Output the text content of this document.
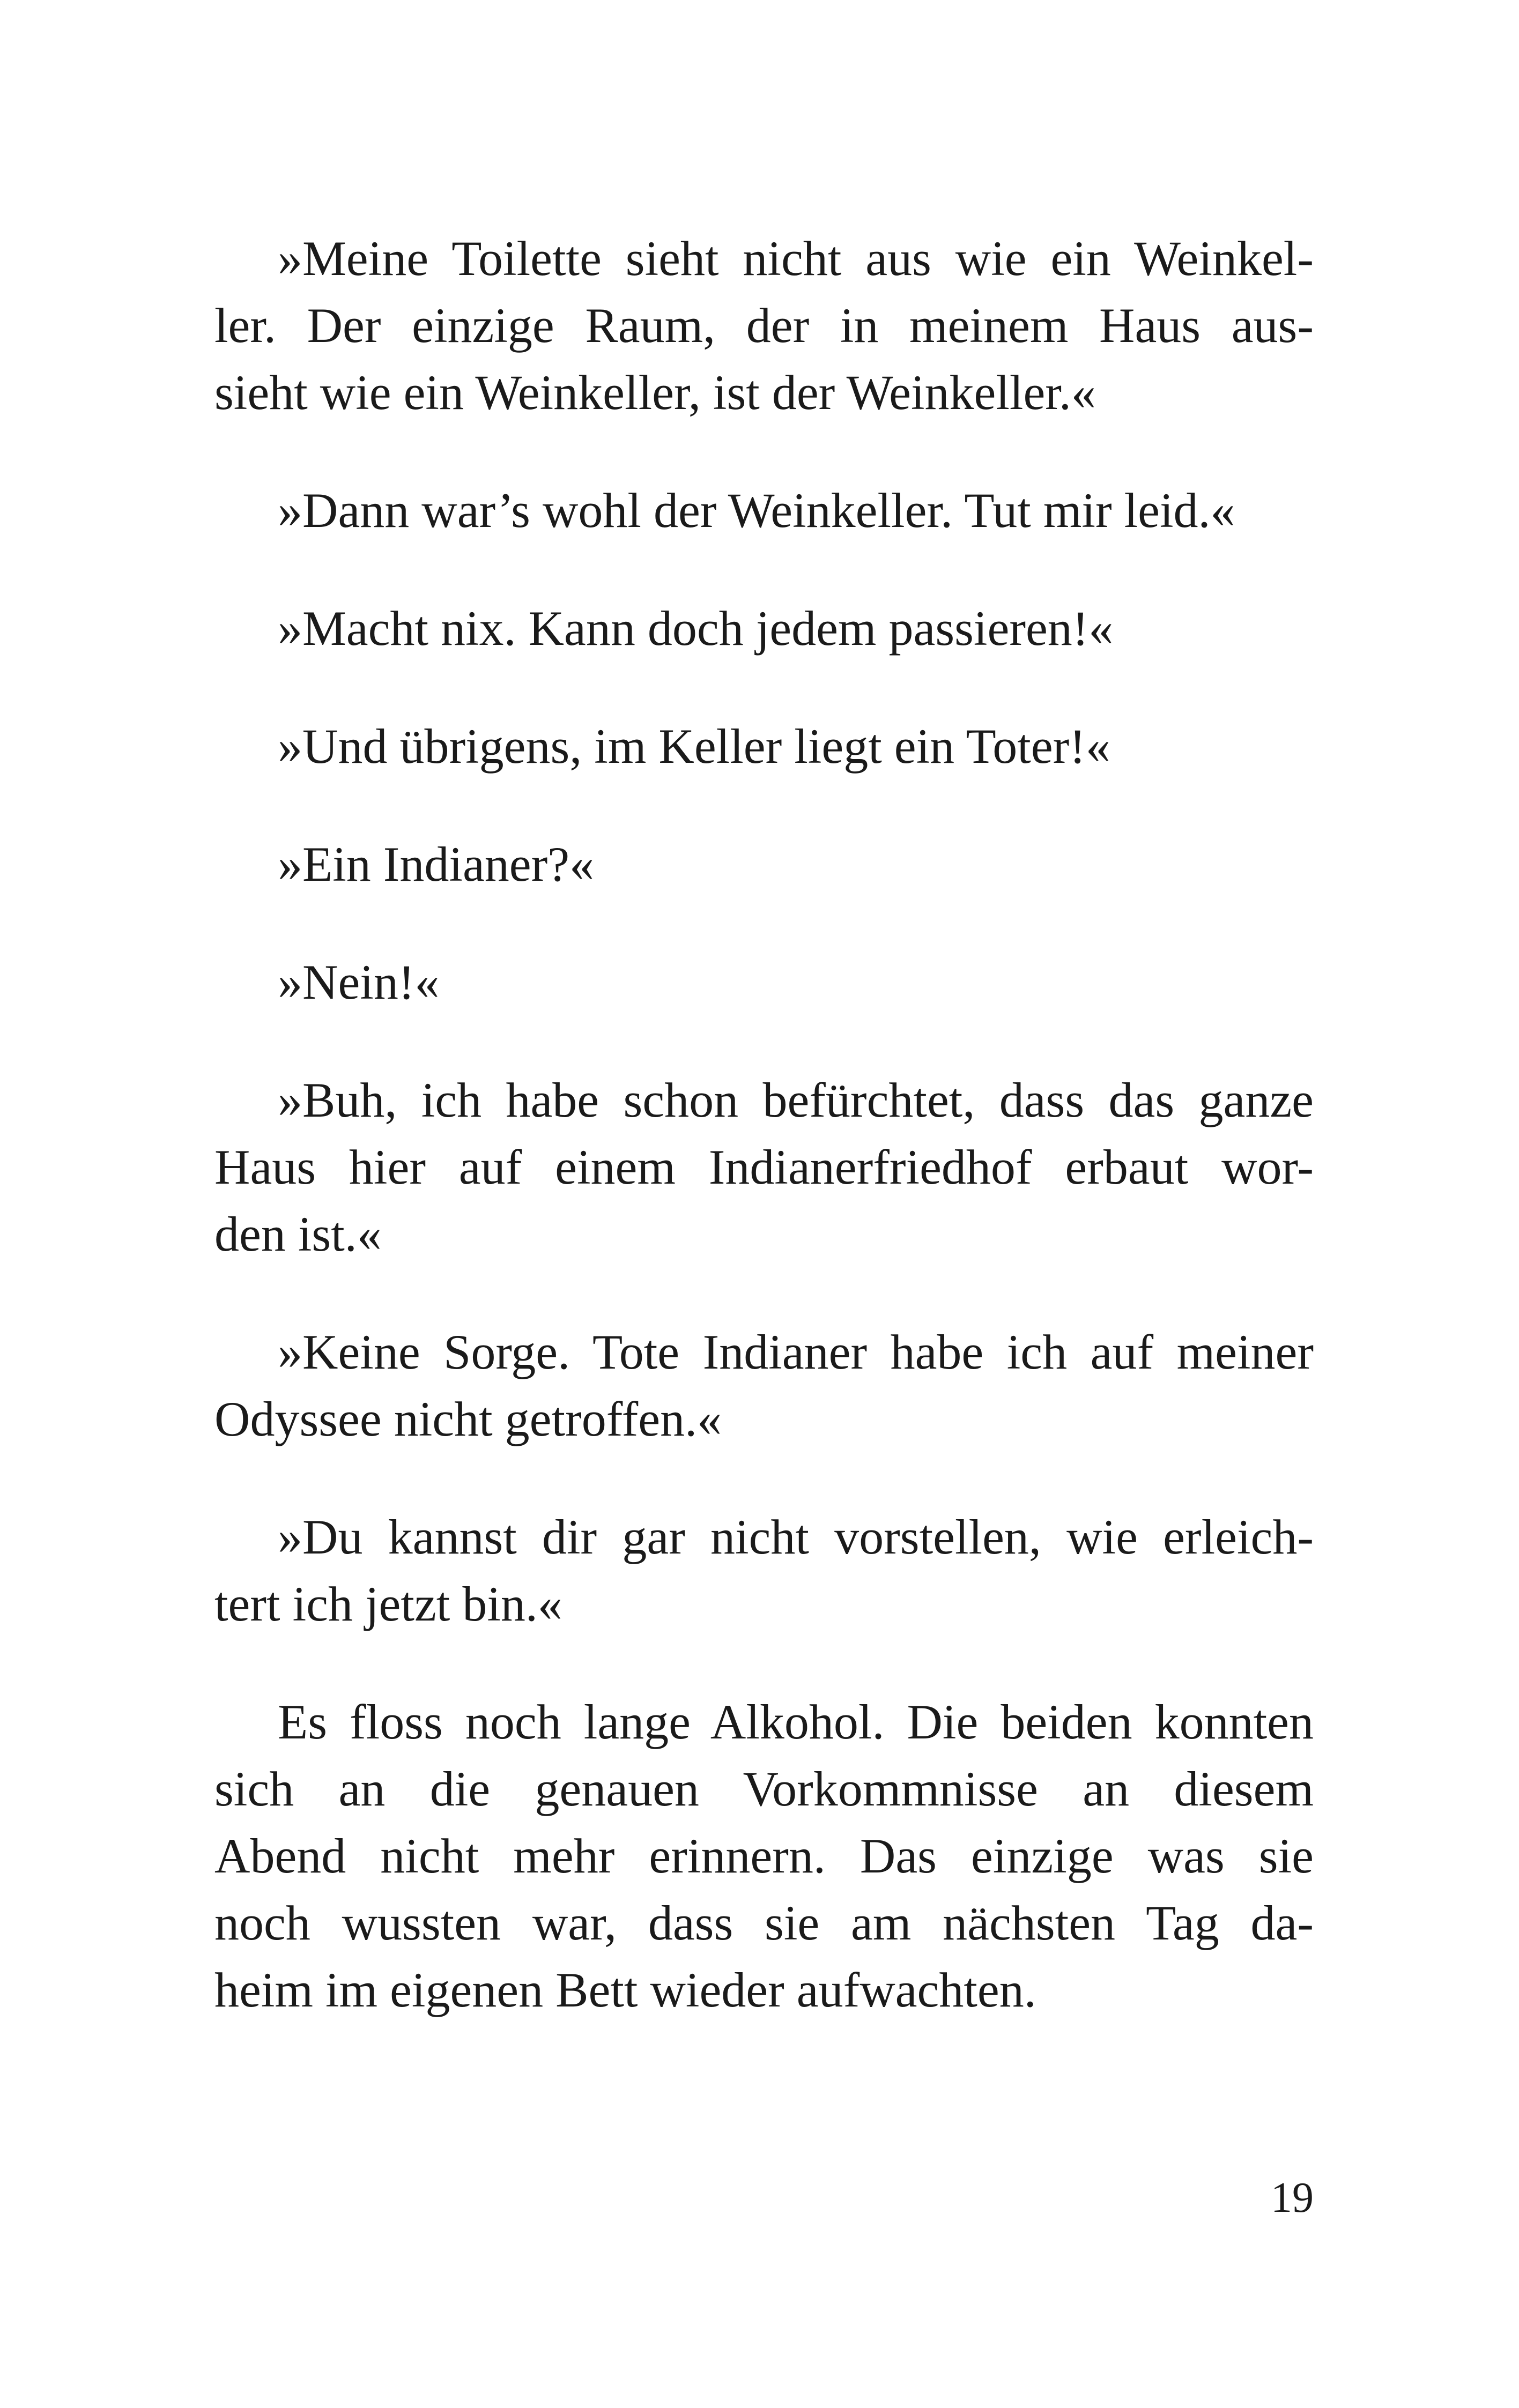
»Meine Toilette sieht nicht aus wie ein Weinkel-
ler. Der einzige Raum, der in meinem Haus aus-
sieht wie ein Weinkeller, ist der Weinkeller.«

»Dann war’s wohl der Weinkeller. Tut mir leid.«

»Macht nix. Kann doch jedem passieren!«

»Und übrigens, im Keller liegt ein Toter!«

»Ein Indianer?«

»Nein!«

»Buh, ich habe schon befürchtet, dass das ganze
Haus hier auf einem Indianerfriedhof erbaut wor-
den ist.«

»Keine Sorge. Tote Indianer habe ich auf meiner
Odyssee nicht getroffen.«

»Du kannst dir gar nicht vorstellen, wie erleich-
tert ich jetzt bin.«

Es floss noch lange Alkohol. Die beiden konnten
sich an die genauen Vorkommnisse an diesem
Abend nicht mehr erinnern. Das einzige was sie
noch wussten war, dass sie am nächsten Tag da-
heim im eigenen Bett wieder aufwachten.

19
